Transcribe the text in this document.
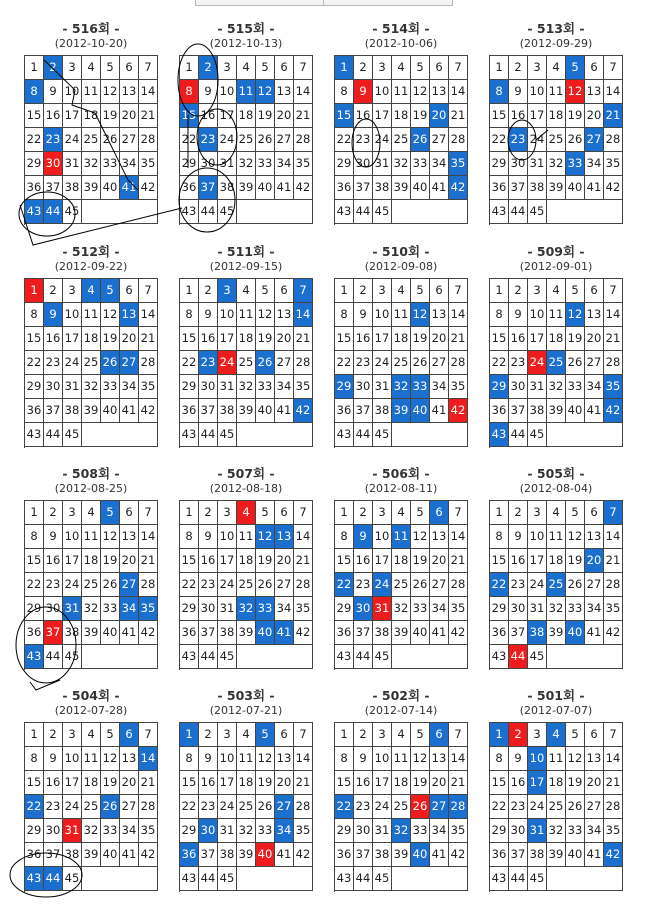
- 516회 -
(2012-10-20)
1	2	3	4	5	6	7
8	9 10 11 12 13 14
15 16 17 18 19 20 21
22 23 24 25 26 27 28
29 30 31 32 33 34 35
36 37 38 39 40 41 42
43 44 45
- 515회 -
(2012-10-13)
1	2	3	4	5	6	7
8	9 10 11 12 13 14
15 16 17 18 19 20 21
22 23 24 25 26 27 28
29 30 31 32 33 34 35
36 37 38 39 40 41 42
43 44 45
- 514회 -
(2012-10-06)
1	2	3	4	5	6	7
8	9 10 11 12 13 14
15 16 17 18 19 20 21
22 23 24 25 26 27 28
29 30 31 32 33 34 35
36 37 38 39 40 41 42
43 44 45
- 513회 -
(2012-09-29)
1	2	3	4	5	6	7
8	9 10 11 12 13 14
15 16 17 18 19 20 21
22 23 24 25 26 27 28
29 30 31 32 33 34 35
36 37 38 39 40 41 42
43 44 45
- 512회 -
(2012-09-22)
1	2	3	4	5	6	7
8	9 10 11 12 13 14
15 16 17 18 19 20 21
22 23 24 25 26 27 28
29 30 31 32 33 34 35
36 37 38 39 40 41 42
43 44 45
- 511회 -
(2012-09-15)
1	2	3	4	5	6	7
8	9 10 11 12 13 14
15 16 17 18 19 20 21
22 23 24 25 26 27 28
29 30 31 32 33 34 35
36 37 38 39 40 41 42
43 44 45
- 510회 -
(2012-09-08)
1	2	3	4	5	6	7
8	9 10 11 12 13 14
15 16 17 18 19 20 21
22 23 24 25 26 27 28
29 30 31 32 33 34 35
36 37 38 39 40 41 42
43 44 45
- 509회 -
(2012-09-01)
1	2	3	4	5	6	7
8	9 10 11 12 13 14
15 16 17 18 19 20 21
22 23 24 25 26 27 28
29 30 31 32 33 34 35
36 37 38 39 40 41 42
43 44 45
- 508회 -
(2012-08-25)
1	2	3	4	5	6	7
8	9 10 11 12 13 14
15 16 17 18 19 20 21
22 23 24 25 26 27 28
29 30 31 32 33 34 35
36 37 38 39 40 41 42
43 44 45
- 507회 -
(2012-08-18)
1	2	3	4	5	6	7
8	9 10 11 12 13 14
15 16 17 18 19 20 21
22 23 24 25 26 27 28
29 30 31 32 33 34 35
36 37 38 39 40 41 42
43 44 45
- 506회 -
(2012-08-11)
1	2	3	4	5	6	7
8	9 10 11 12 13 14
15 16 17 18 19 20 21
22 23 24 25 26 27 28
29 30 31 32 33 34 35
36 37 38 39 40 41 42
43 44 45
- 505회 -
(2012-08-04)
1	2	3	4	5	6	7
8	9 10 11 12 13 14
15 16 17 18 19 20 21
22 23 24 25 26 27 28
29 30 31 32 33 34 35
36 37 38 39 40 41 42
43 44 45
- 504회 -
(2012-07-28)
1	2	3	4	5	6	7
8	9 10 11 12 13 14
15 16 17 18 19 20 21
22 23 24 25 26 27 28
29 30 31 32 33 34 35
36 37 38 39 40 41 42
43 44 45
- 503회 -
(2012-07-21)
1	2	3	4	5	6	7
8	9 10 11 12 13 14
15 16 17 18 19 20 21
22 23 24 25 26 27 28
29 30 31 32 33 34 35
36 37 38 39 40 41 42
43 44 45
- 502회 -
(2012-07-14)
1	2	3	4	5	6	7
8	9 10 11 12 13 14
15 16 17 18 19 20 21
22 23 24 25 26 27 28
29 30 31 32 33 34 35
36 37 38 39 40 41 42
43 44 45
- 501회 -
(2012-07-07)
1	2	3	4	5	6	7
8	9 10 11 12 13 14
15 16 17 18 19 20 21
22 23 24 25 26 27 28
29 30 31 32 33 34 35
36 37 38 39 40 41 42
43 44 45
